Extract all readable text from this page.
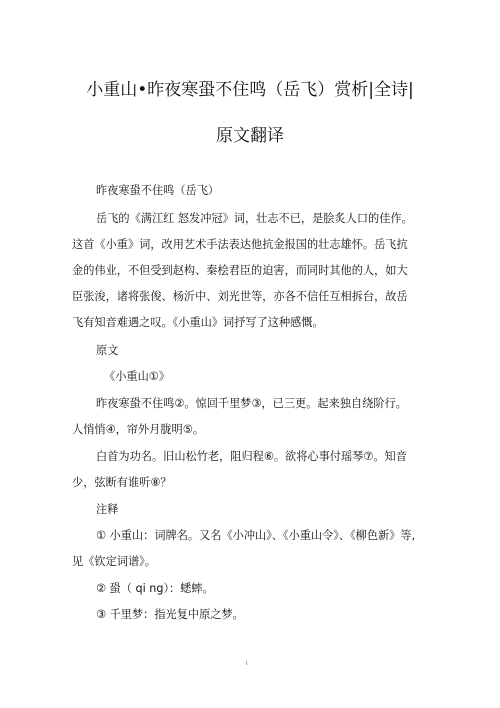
小重山•昨夜寒蛩不住鸣（岳飞）赏析|全诗|
原文翻译
昨夜寒蛩不住鸣（岳飞）
岳飞的《满江红 怒发冲冠》词，壮志不已，是脍炙人口的佳作。
这首《小重》词，改用艺术手法表达他抗金报国的壮志雄怀。岳飞抗
金的伟业，不但受到赵构、秦桧君臣的迫害，而同时其他的人，如大
臣张浚，诸将张俊、杨沂中、刘光世等，亦各不信任互相拆台，故岳
飞有知音难遇之叹。《小重山》词抒写了这种感慨。
原文
《小重山①》
昨夜寒蛩不住鸣②。惊回千里梦③，已三更。起来独自绕阶行。
人悄悄④，帘外月胧明⑤。
白首为功名。旧山松竹老，阻归程⑥。欲将心事付瑶琴⑦。知音
少，弦断有谁听⑧？
注释
① 小重山：词牌名。又名《小冲山》、《小重山令》、《柳色新》等,
见《钦定词谱》。
② 蛩（ qi ng）：蟋蟀。
③ 千里梦：指光复中原之梦。
i
